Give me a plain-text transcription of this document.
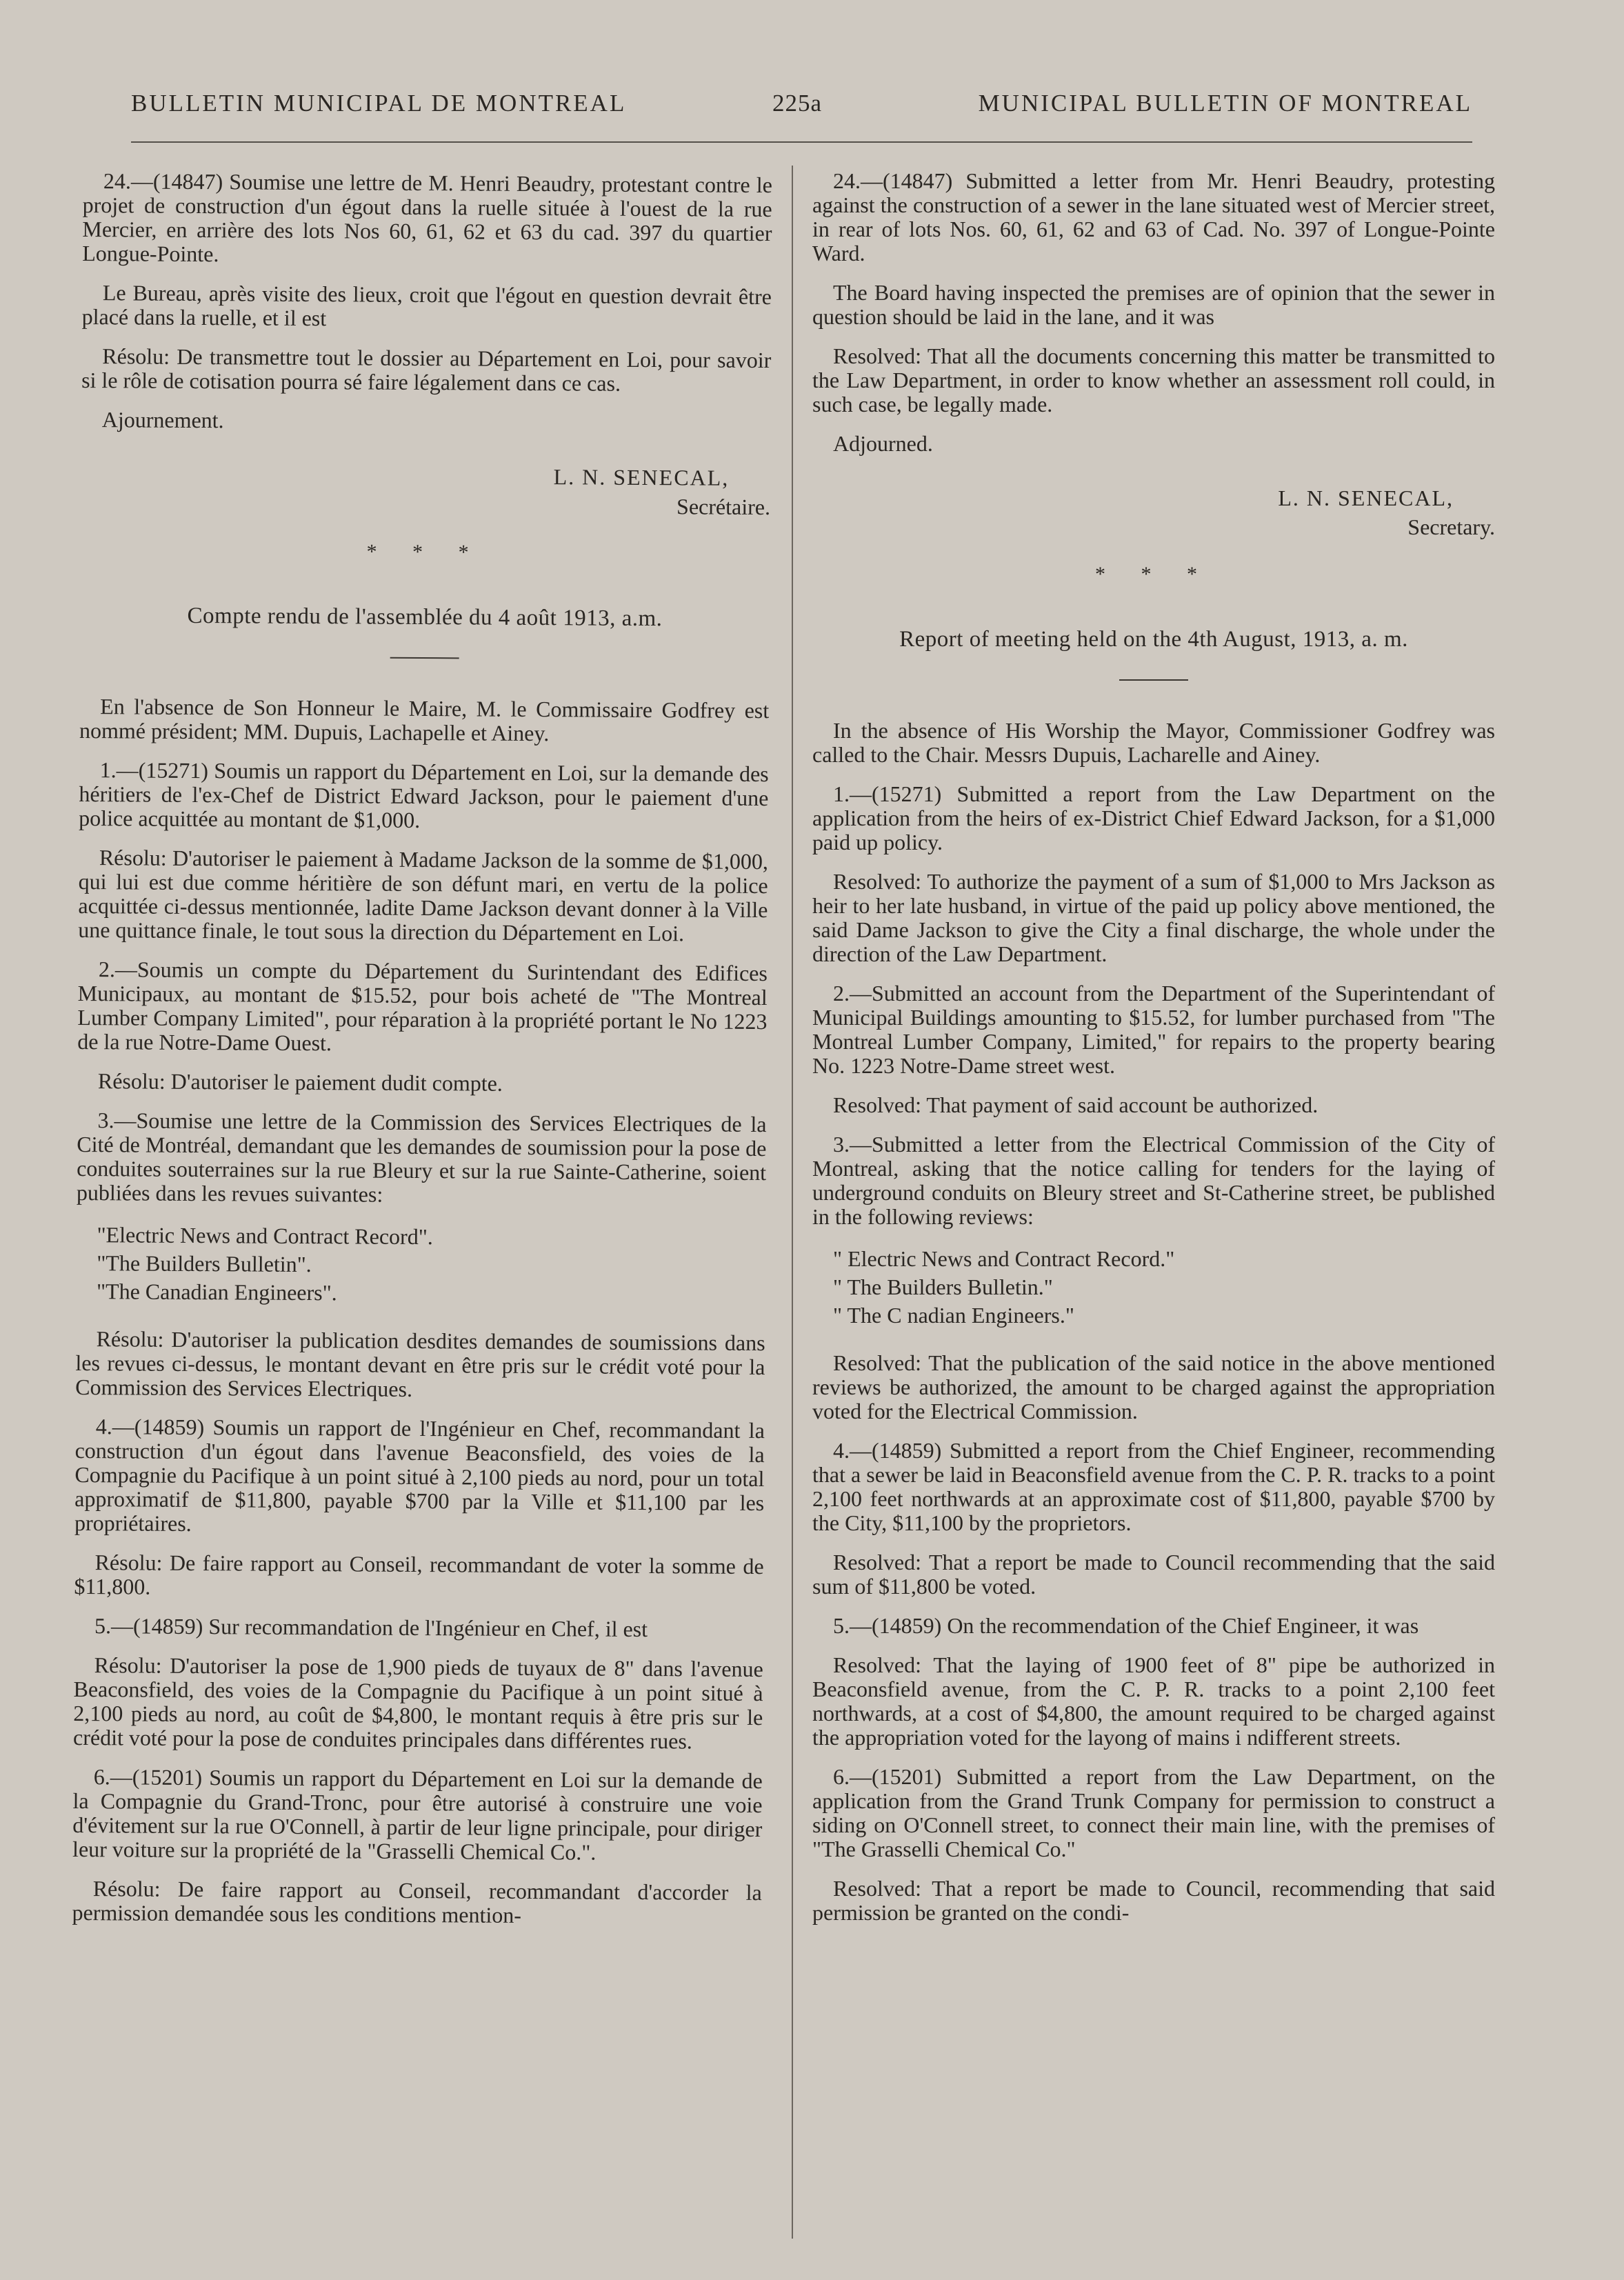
BULLETIN MUNICIPAL DE MONTREAL	225a	MUNICIPAL BULLETIN OF MONTREAL

24.—(14847) Soumise une lettre de M. Henri Beaudry, protestant contre le projet de construction d'un égout dans la ruelle située à l'ouest de la rue Mercier, en arrière des lots Nos 60, 61, 62 et 63 du cad. 397 du quartier Longue-Pointe.

Le Bureau, après visite des lieux, croit que l'égout en question devrait être placé dans la ruelle, et il est

Résolu: De transmettre tout le dossier au Département en Loi, pour savoir si le rôle de cotisation pourra sé faire légalement dans ce cas.

Ajournement.

L. N. SENECAL,
Secrétaire.
* * *
Compte rendu de l'assemblée du 4 août 1913, a.m.

En l'absence de Son Honneur le Maire, M. le Commissaire Godfrey est nommé président; MM. Dupuis, Lachapelle et Ainey.

1.—(15271) Soumis un rapport du Département en Loi, sur la demande des héritiers de l'ex-Chef de District Edward Jackson, pour le paiement d'une police acquittée au montant de $1,000.

Résolu: D'autoriser le paiement à Madame Jackson de la somme de $1,000, qui lui est due comme héritière de son défunt mari, en vertu de la police acquittée ci-dessus mentionnée, ladite Dame Jackson devant donner à la Ville une quittance finale, le tout sous la direction du Département en Loi.

2.—Soumis un compte du Département du Surintendant des Edifices Municipaux, au montant de $15.52, pour bois acheté de "The Montreal Lumber Company Limited", pour réparation à la propriété portant le No 1223 de la rue Notre-Dame Ouest.

Résolu: D'autoriser le paiement dudit compte.

3.—Soumise une lettre de la Commission des Services Electriques de la Cité de Montréal, demandant que les demandes de soumission pour la pose de conduites souterraines sur la rue Bleury et sur la rue Sainte-Catherine, soient publiées dans les revues suivantes:

"Electric News and Contract Record".

"The Builders Bulletin".

"The Canadian Engineers".

Résolu: D'autoriser la publication desdites demandes de soumissions dans les revues ci-dessus, le montant devant en être pris sur le crédit voté pour la Commission des Services Electriques.

4.—(14859) Soumis un rapport de l'Ingénieur en Chef, recommandant la construction d'un égout dans l'avenue Beaconsfield, des voies de la Compagnie du Pacifique à un point situé à 2,100 pieds au nord, pour un total approximatif de $11,800, payable $700 par la Ville et $11,100 par les propriétaires.

Résolu: De faire rapport au Conseil, recommandant de voter la somme de $11,800.

5.—(14859) Sur recommandation de l'Ingénieur en Chef, il est

Résolu: D'autoriser la pose de 1,900 pieds de tuyaux de 8" dans l'avenue Beaconsfield, des voies de la Compagnie du Pacifique à un point situé à 2,100 pieds au nord, au coût de $4,800, le montant requis à être pris sur le crédit voté pour la pose de conduites principales dans différentes rues.

6.—(15201) Soumis un rapport du Département en Loi sur la demande de la Compagnie du Grand-Tronc, pour être autorisé à construire une voie d'évitement sur la rue O'Connell, à partir de leur ligne principale, pour diriger leur voiture sur la propriété de la "Grasselli Chemical Co.".

Résolu: De faire rapport au Conseil, recommandant d'accorder la permission demandée sous les conditions mention-

24.—(14847) Submitted a letter from Mr. Henri Beaudry, protesting against the construction of a sewer in the lane situated west of Mercier street, in rear of lots Nos. 60, 61, 62 and 63 of Cad. No. 397 of Longue-Pointe Ward.

The Board having inspected the premises are of opinion that the sewer in question should be laid in the lane, and it was

Resolved: That all the documents concerning this matter be transmitted to the Law Department, in order to know whether an assessment roll could, in such case, be legally made.

Adjourned.

L. N. SENECAL,
Secretary.
* * *
Report of meeting held on the 4th August, 1913, a. m.

In the absence of His Worship the Mayor, Commissioner Godfrey was called to the Chair. Messrs Dupuis, Lacharelle and Ainey.

1.—(15271) Submitted a report from the Law Department on the application from the heirs of ex-District Chief Edward Jackson, for a $1,000 paid up policy.

Resolved: To authorize the payment of a sum of $1,000 to Mrs Jackson as heir to her late husband, in virtue of the paid up policy above mentioned, the said Dame Jackson to give the City a final discharge, the whole under the direction of the Law Department.

2.—Submitted an account from the Department of the Superintendant of Municipal Buildings amounting to $15.52, for lumber purchased from "The Montreal Lumber Company, Limited," for repairs to the property bearing No. 1223 Notre-Dame street west.

Resolved: That payment of said account be authorized.

3.—Submitted a letter from the Electrical Commission of the City of Montreal, asking that the notice calling for tenders for the laying of underground conduits on Bleury street and St-Catherine street, be published in the following reviews:

" Electric News and Contract Record."

" The Builders Bulletin."

" The C nadian Engineers."

Resolved: That the publication of the said notice in the above mentioned reviews be authorized, the amount to be charged against the appropriation voted for the Electrical Commission.

4.—(14859) Submitted a report from the Chief Engineer, recommending that a sewer be laid in Beaconsfield avenue from the C. P. R. tracks to a point 2,100 feet northwards at an approximate cost of $11,800, payable $700 by the City, $11,100 by the proprietors.

Resolved: That a report be made to Council recommending that the said sum of $11,800 be voted.

5.—(14859) On the recommendation of the Chief Engineer, it was

Resolved: That the laying of 1900 feet of 8" pipe be authorized in Beaconsfield avenue, from the C. P. R. tracks to a point 2,100 feet northwards, at a cost of $4,800, the amount required to be charged against the appropriation voted for the layong of mains i ndifferent streets.

6.—(15201) Submitted a report from the Law Department, on the application from the Grand Trunk Company for permission to construct a siding on O'Connell street, to connect their main line, with the premises of "The Grasselli Chemical Co."

Resolved: That a report be made to Council, recommending that said permission be granted on the condi-
